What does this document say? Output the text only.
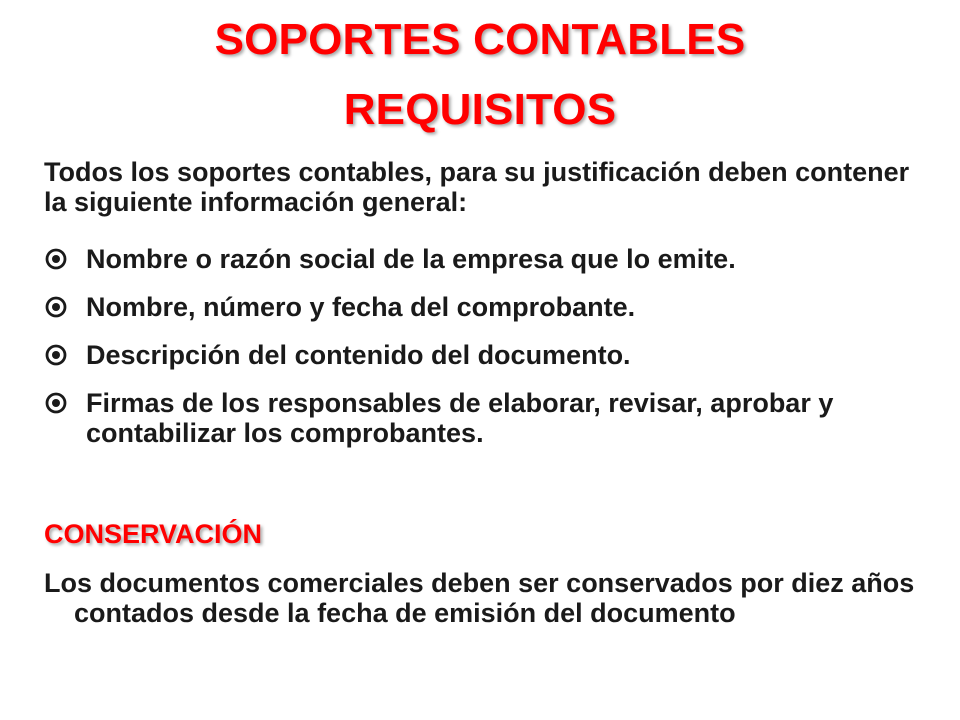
SOPORTES CONTABLES
REQUISITOS

Todos los soportes contables, para su justificación deben contener la siguiente información general:

Nombre o razón social de la empresa que lo emite.
Nombre, número y fecha del comprobante.
Descripción del contenido del documento.
Firmas de los responsables de elaborar, revisar, aprobar y contabilizar los comprobantes.
CONSERVACIÓN

Los documentos comerciales deben ser conservados por diez años contados desde la fecha de emisión del documento
